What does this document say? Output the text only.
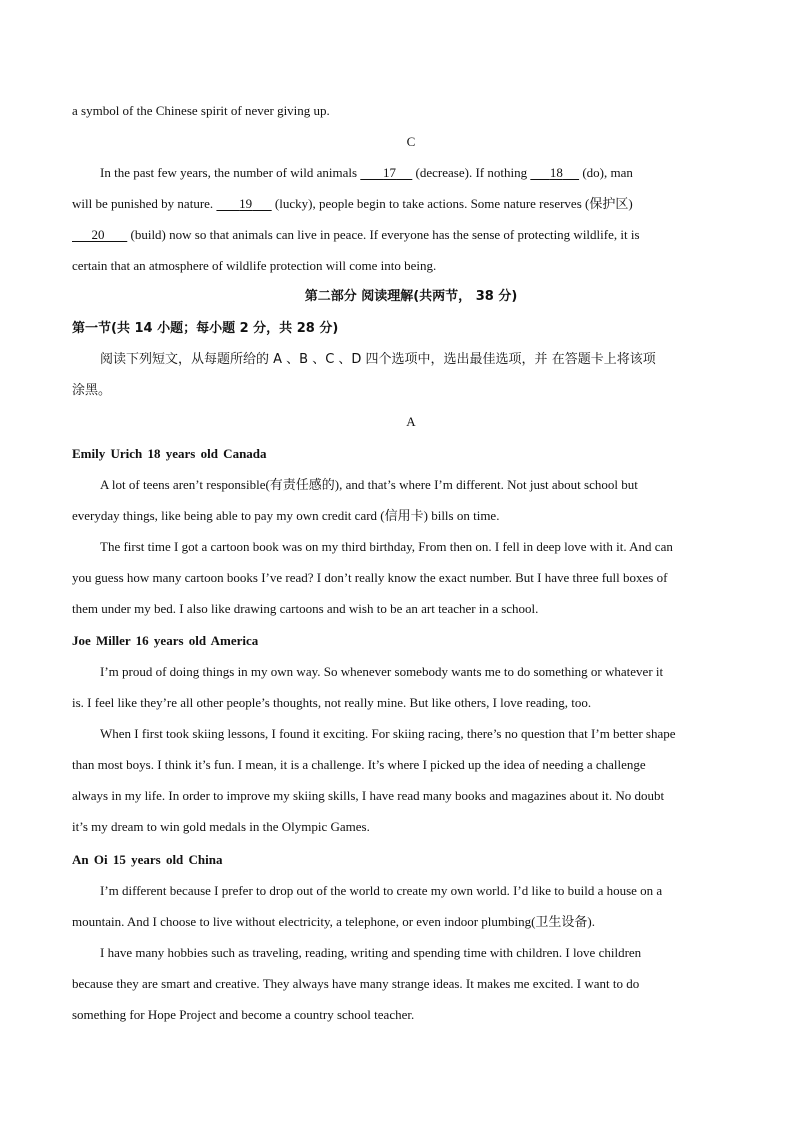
a symbol of the Chinese spirit of never giving up.
C
In the past few years, the number of wild animals        17      (decrease). If nothing       18      (do), man
will be punished by nature.        19       (lucky), people begin to take actions. Some nature reserves (保护区)
20        (build) now so that animals can live in peace. If everyone has the sense of protecting wildlife, it is
certain that an atmosphere of wildlife protection will come into being.
第二部分 阅读理解(共两节， 38 分)
第一节(共 14 小题；每小题 2 分，共 28 分)
阅读下列短文，从每题所给的 A 、B 、C 、D 四个选项中，选出最佳选项，并 在答题卡上将该项
涂黑。
A
Emily Urich 18 years old Canada
A lot of teens aren’t responsible(有责任感的), and that’s where I’m different. Not just about school but
everyday things, like being able to pay my own credit card (信用卡) bills on time.
The first time I got a cartoon book was on my third birthday, From then on. I fell in deep love with it. And can
you guess how many cartoon books I’ve read? I don’t really know the exact number. But I have three full boxes of
them under my bed. I also like drawing cartoons and wish to be an art teacher in a school.
Joe Miller 16 years old America
I’m proud of doing things in my own way. So whenever somebody wants me to do something or whatever it
is. I feel like they’re all other people’s thoughts, not really mine. But like others, I love reading, too.
When I first took skiing lessons, I found it exciting. For skiing racing, there’s no question that I’m better shape
than most boys. I think it’s fun. I mean, it is a challenge. It’s where I picked up the idea of needing a challenge
always in my life. In order to improve my skiing skills, I have read many books and magazines about it. No doubt
it’s my dream to win gold medals in the Olympic Games.
An Oi 15 years old China
I’m different because I prefer to drop out of the world to create my own world. I’d like to build a house on a
mountain. And I choose to live without electricity, a telephone, or even indoor plumbing(卫生设备).
I have many hobbies such as traveling, reading, writing and spending time with children. I love children
because they are smart and creative. They always have many strange ideas. It makes me excited. I want to do
something for Hope Project and become a country school teacher.
